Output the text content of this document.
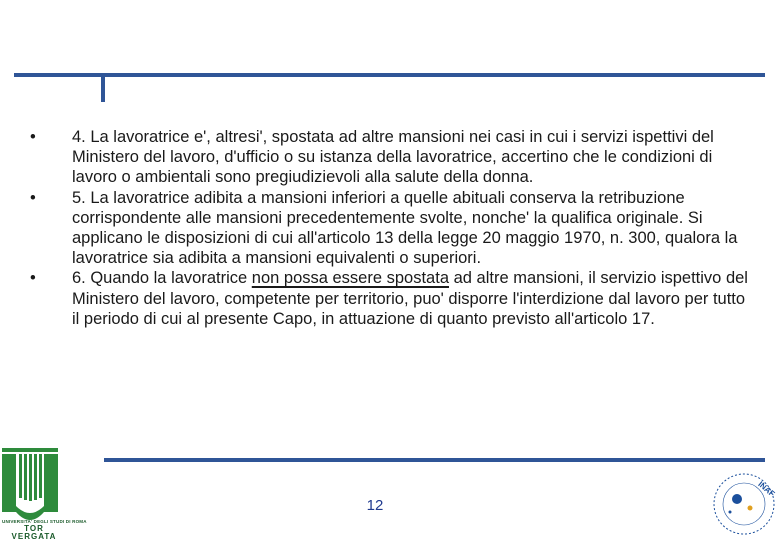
•	4. La lavoratrice e', altresi', spostata ad altre mansioni nei casi in cui i servizi ispettivi del Ministero del lavoro, d'ufficio o su istanza della lavoratrice, accertino che le condizioni di lavoro o ambientali sono pregiudizievoli alla salute della donna.

•	5. La lavoratrice adibita a mansioni inferiori a quelle abituali conserva la retribuzione corrispondente alle mansioni precedentemente svolte, nonche' la qualifica originale. Si applicano le disposizioni di cui all'articolo 13 della legge 20 maggio 1970, n. 300, qualora la lavoratrice sia adibita a mansioni equivalenti o superiori.

•	6. Quando la lavoratrice non possa essere spostata ad altre mansioni, il servizio ispettivo del Ministero del lavoro, competente per territorio, puo' disporre l'interdizione dal lavoro per tutto il periodo di cui al presente Capo, in attuazione di quanto previsto all'articolo 17.

12
UNIVERSITA' DEGLI STUDI DI ROMA
TOR VERGATA
INAF
